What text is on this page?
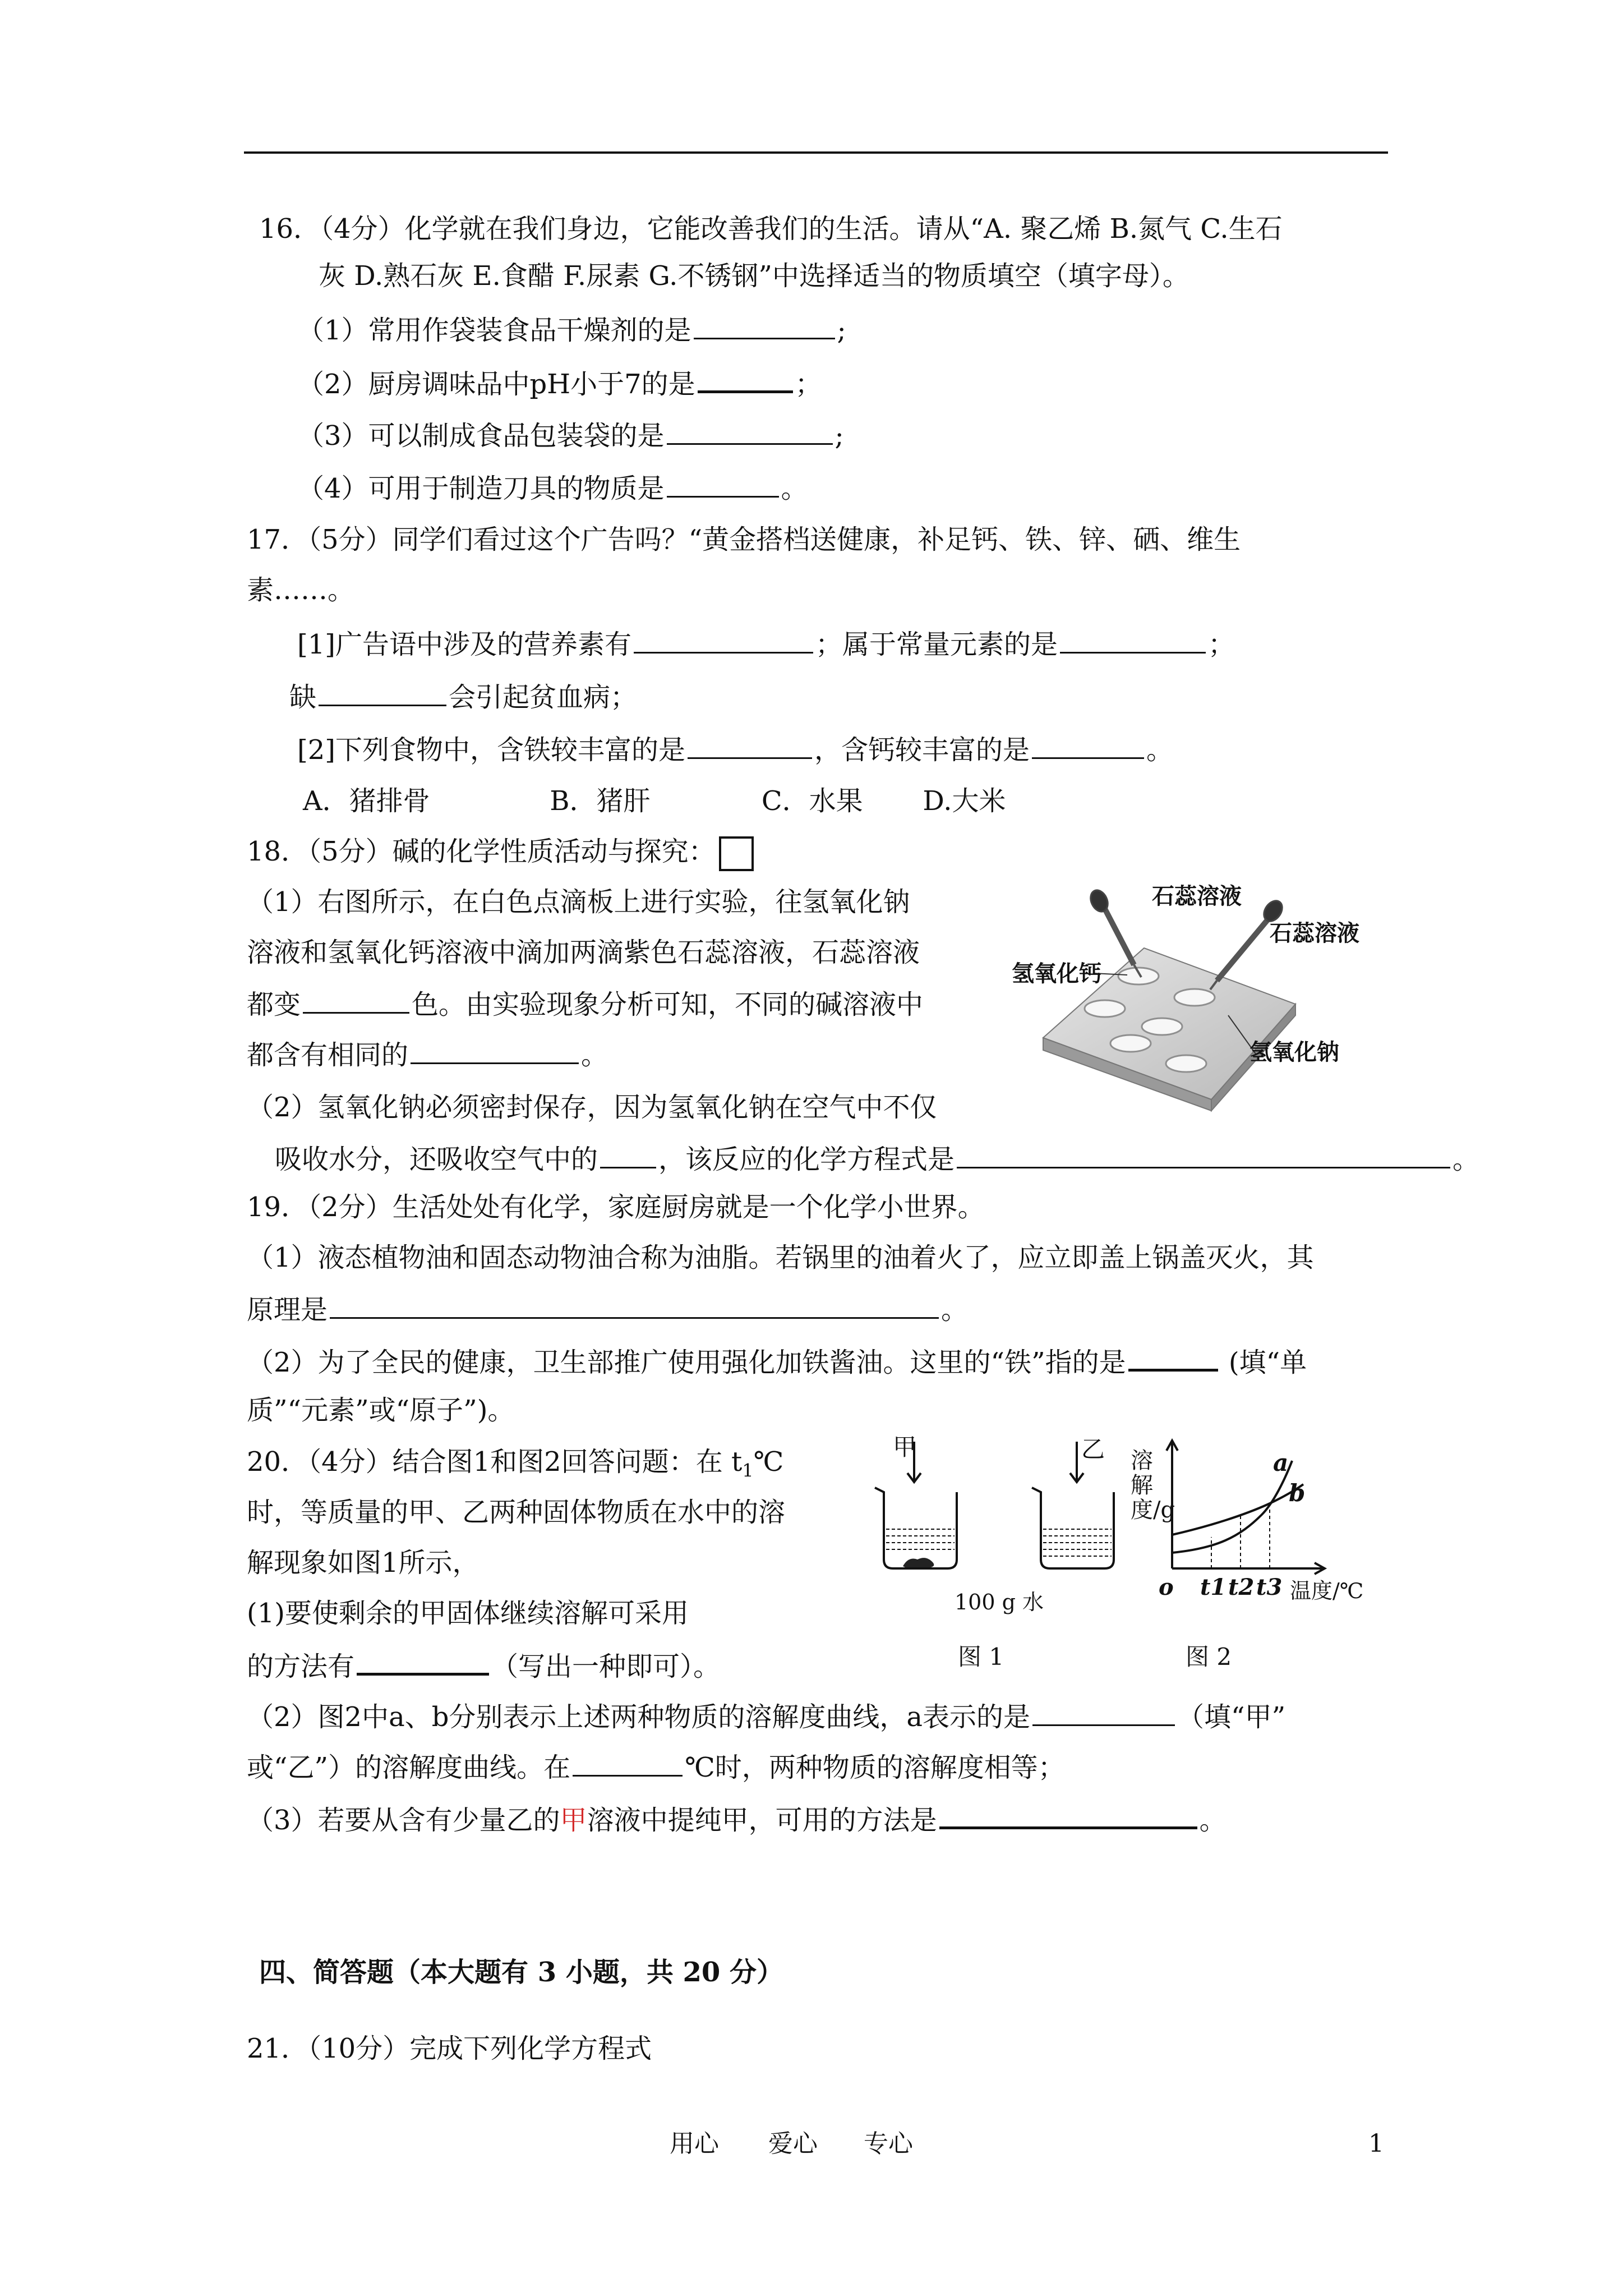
16．（4分）化学就在我们身边，它能改善我们的生活。请从“A. 聚乙烯 B.氮气 C.生石
灰 D.熟石灰 E.食醋 F.尿素 G.不锈钢”中选择适当的物质填空（填字母）。
（1）常用作袋装食品干燥剂的是	;
（2）厨房调味品中pH小于7的是	；
（3）可以制成食品包装袋的是	;
（4）可用于制造刀具的物质是	。
17．（5分）同学们看过这个广告吗？“黄金搭档送健康，补足钙、铁、锌、硒、维生
素……。
[1]广告语中涉及的营养素有	；属于常量元素的是	；
缺	会引起贫血病；
[2]下列食物中，含铁较丰富的是	，含钙较丰富的是	。
A．猪排骨              B．猪肝             C．水果       D.大米
18．（5分）碱的化学性质活动与探究：
（1）右图所示，在白色点滴板上进行实验，往氢氧化钠
溶液和氢氧化钙溶液中滴加两滴紫色石蕊溶液，石蕊溶液
都变	色。由实验现象分析可知，不同的碱溶液中
都含有相同的	。
（2）氢氧化钠必须密封保存，因为氢氧化钠在空气中不仅
吸收水分，还吸收空气中的 ，该反应的化学方程式是	。
石蕊溶液
石蕊溶液
氢氧化钙
氢氧化钠
19．（2分）生活处处有化学，家庭厨房就是一个化学小世界。
（1）液态植物油和固态动物油合称为油脂。若锅里的油着火了，应立即盖上锅盖灭火，其
原理是	。
（2）为了全民的健康，卫生部推广使用强化加铁酱油。这里的“铁”指的是	(填“单
质”“元素”或“原子”)。
20．（4分）结合图1和图2回答问题：在 $t_1℃$
时，等质量的甲、乙两种固体物质在水中的溶
解现象如图1所示，
(1)要使剩余的甲固体继续溶解可采用
的方法有	（写出一种即可）。
（2）图2中a、b分别表示上述两种物质的溶解度曲线，a表示的是	（填“甲”
或“乙”）的溶解度曲线。在	℃时，两种物质的溶解度相等；
（3）若要从含有少量乙的甲溶液中提纯甲，可用的方法是	。
甲	乙
100 g 水
图 1
溶解度/g
a
b
o t1 t2 t3 温度/℃
图 2
四、简答题（本大题有 3 小题，共 20 分）
21．（10分）完成下列化学方程式
用心 爱心 专心	1
